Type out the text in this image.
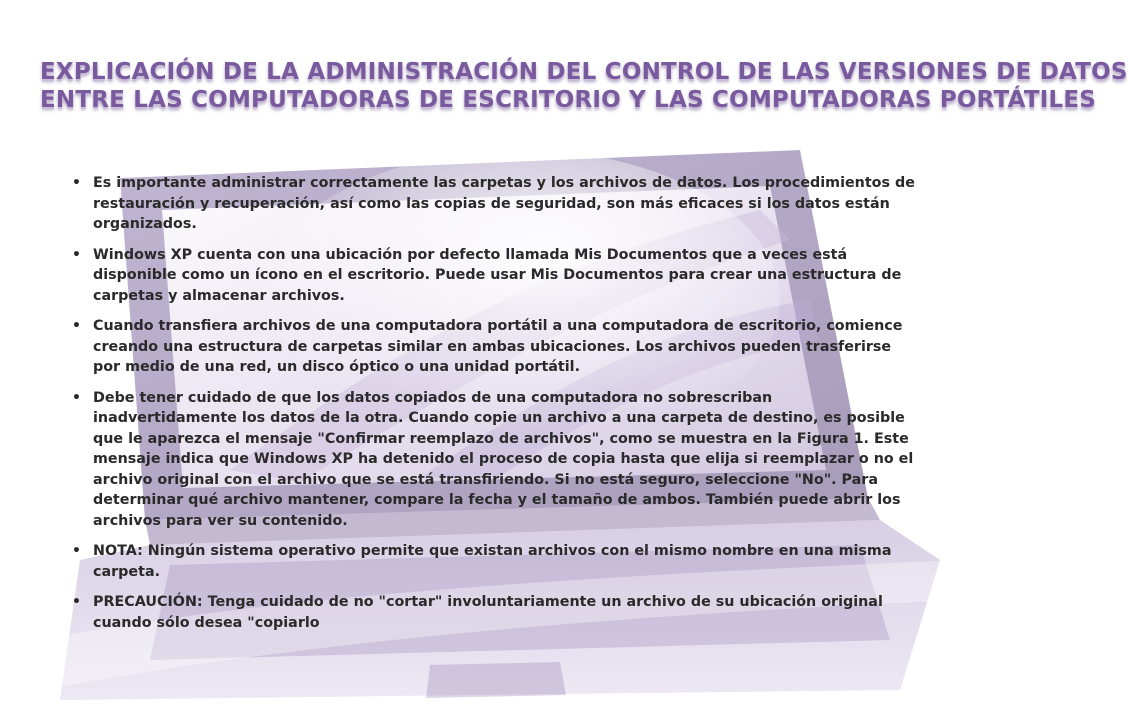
EXPLICACIÓN DE LA ADMINISTRACIÓN DEL CONTROL DE LAS VERSIONES DE DATOS
ENTRE LAS COMPUTADORAS DE ESCRITORIO Y LAS COMPUTADORAS PORTÁTILES
• Es importante administrar correctamente las carpetas y los archivos de datos. Los procedimientos de restauración y recuperación, así como las copias de seguridad, son más eficaces si los datos están organizados.
• Windows XP cuenta con una ubicación por defecto llamada Mis Documentos que a veces está disponible como un ícono en el escritorio. Puede usar Mis Documentos para crear una estructura de carpetas y almacenar archivos.
• Cuando transfiera archivos de una computadora portátil a una computadora de escritorio, comience creando una estructura de carpetas similar en ambas ubicaciones. Los archivos pueden trasferirse por medio de una red, un disco óptico o una unidad portátil.
• Debe tener cuidado de que los datos copiados de una computadora no sobrescriban inadvertidamente los datos de la otra. Cuando copie un archivo a una carpeta de destino, es posible que le aparezca el mensaje "Confirmar reemplazo de archivos", como se muestra en la Figura 1. Este mensaje indica que Windows XP ha detenido el proceso de copia hasta que elija si reemplazar o no el archivo original con el archivo que se está transfiriendo. Si no está seguro, seleccione "No". Para determinar qué archivo mantener, compare la fecha y el tamaño de ambos. También puede abrir los archivos para ver su contenido.
• NOTA: Ningún sistema operativo permite que existan archivos con el mismo nombre en una misma carpeta.
• PRECAUCIÓN: Tenga cuidado de no "cortar" involuntariamente un archivo de su ubicación original cuando sólo desea "copiarlo
